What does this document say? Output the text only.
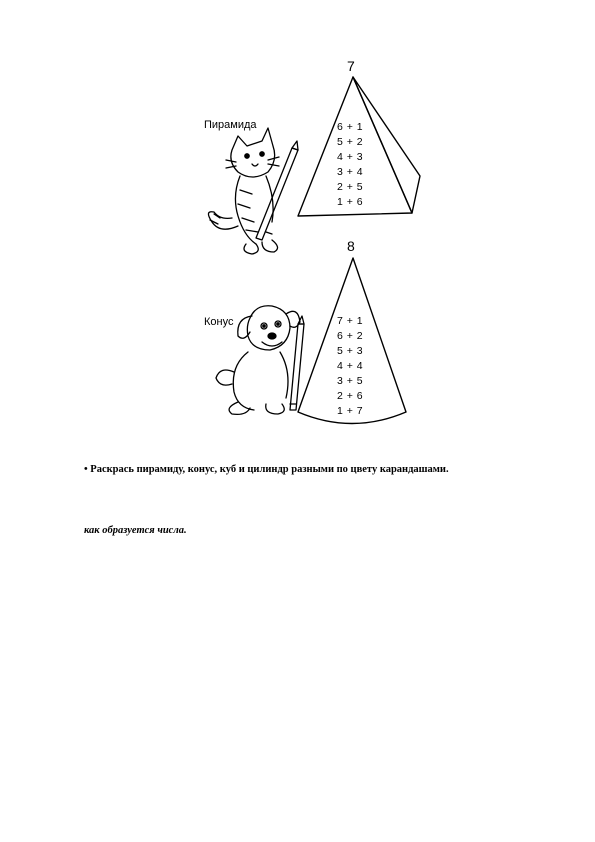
Пирамида
7
6 + 1
5 + 2
4 + 3
3 + 4
2 + 5
1 + 6
Конус
8
7 + 1
6 + 2
5 + 3
4 + 4
3 + 5
2 + 6
1 + 7
• Раскрась пирамиду, конус, куб и цилиндр разными по цвету карандашами.
как образуется числа.
